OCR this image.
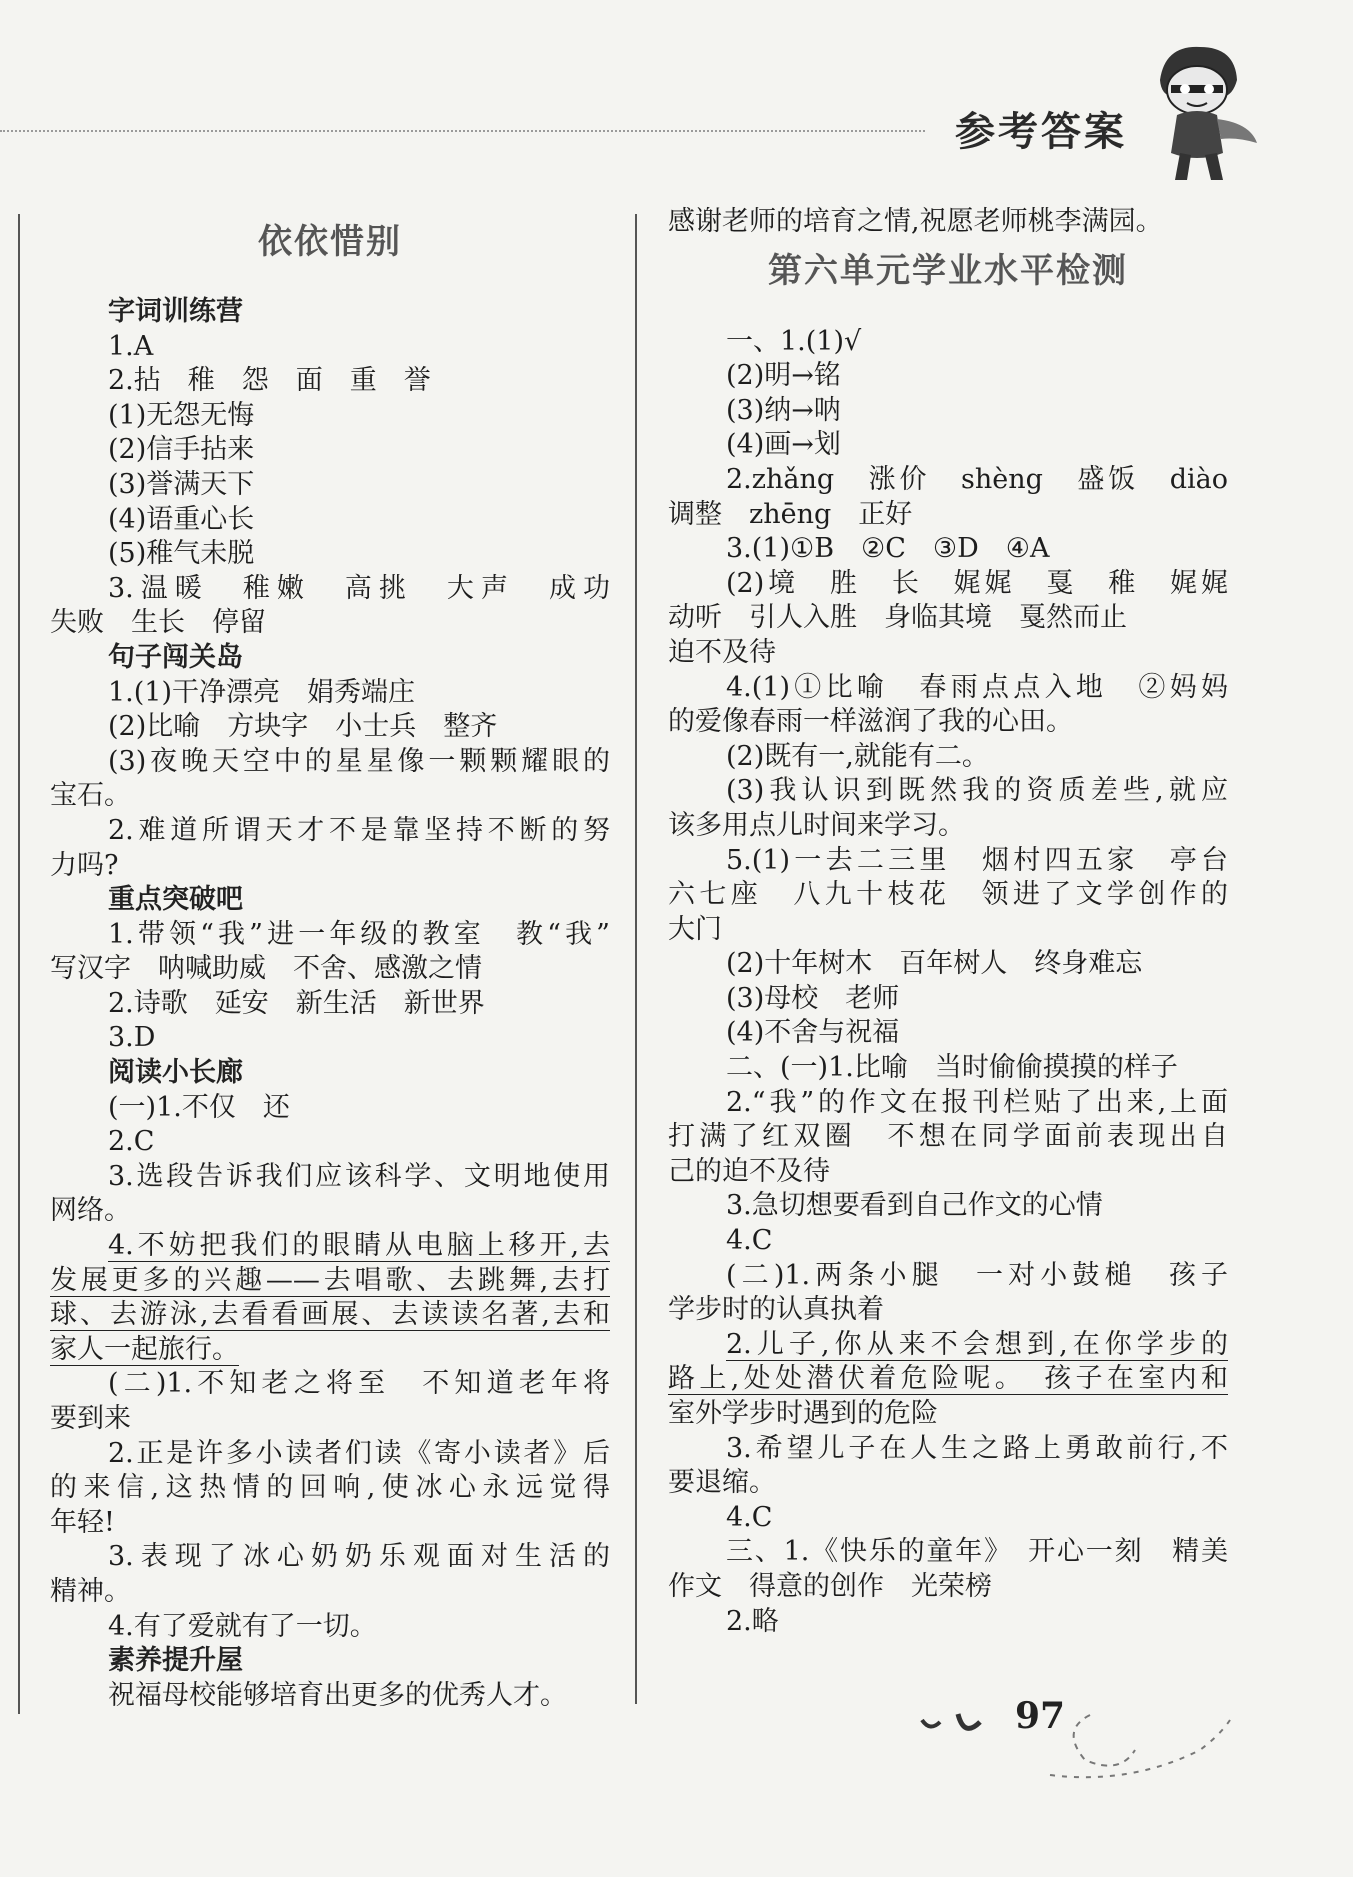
参考答案
依依惜别
字词训练营
1.A
2.拈　稚　怨　面　重　誉
(1)无怨无悔
(2)信手拈来
(3)誉满天下
(4)语重心长
(5)稚气未脱
3.温暖　稚嫩　高挑　大声　成功
失败　生长　停留
句子闯关岛
1.(1)干净漂亮　娟秀端庄
(2)比喻　方块字　小士兵　整齐
(3)夜晚天空中的星星像一颗颗耀眼的
宝石。
2.难道所谓天才不是靠坚持不断的努
力吗?
重点突破吧
1.带领“我”进一年级的教室　教“我”
写汉字　呐喊助威　不舍、感激之情
2.诗歌　延安　新生活　新世界
3.D
阅读小长廊
(一)1.不仅　还
2.C
3.选段告诉我们应该科学、文明地使用
网络。
4.不妨把我们的眼睛从电脑上移开,去
发展更多的兴趣——去唱歌、去跳舞,去打
球、去游泳,去看看画展、去读读名著,去和
家人一起旅行。
(二)1.不知老之将至　不知道老年将
要到来
2.正是许多小读者们读《寄小读者》后
的来信,这热情的回响,使冰心永远觉得
年轻!
3.表现了冰心奶奶乐观面对生活的
精神。
4.有了爱就有了一切。
素养提升屋
祝福母校能够培育出更多的优秀人才。
感谢老师的培育之情,祝愿老师桃李满园。
第六单元学业水平检测
一、1.(1)√
(2)明→铭
(3)纳→呐
(4)画→划
2.zhǎng　涨价　shèng　盛饭　diào
调整　zhēng　正好
3.(1)①B　②C　③D　④A
(2)境　胜　长　娓娓　戛　稚　娓娓
动听　引人入胜　身临其境　戛然而止
迫不及待
4.(1)①比喻　春雨点点入地　②妈妈
的爱像春雨一样滋润了我的心田。
(2)既有一,就能有二。
(3)我认识到既然我的资质差些,就应
该多用点儿时间来学习。
5.(1)一去二三里　烟村四五家　亭台
六七座　八九十枝花　领进了文学创作的
大门
(2)十年树木　百年树人　终身难忘
(3)母校　老师
(4)不舍与祝福
二、(一)1.比喻　当时偷偷摸摸的样子
2.“我”的作文在报刊栏贴了出来,上面
打满了红双圈　不想在同学面前表现出自
己的迫不及待
3.急切想要看到自己作文的心情
4.C
(二)1.两条小腿　一对小鼓槌　孩子
学步时的认真执着
2.儿子,你从来不会想到,在你学步的
路上,处处潜伏着危险呢。　孩子在室内和
室外学步时遇到的危险
3.希望儿子在人生之路上勇敢前行,不
要退缩。
4.C
三、1.《快乐的童年》　开心一刻　精美
作文　得意的创作　光荣榜
2.略
97
